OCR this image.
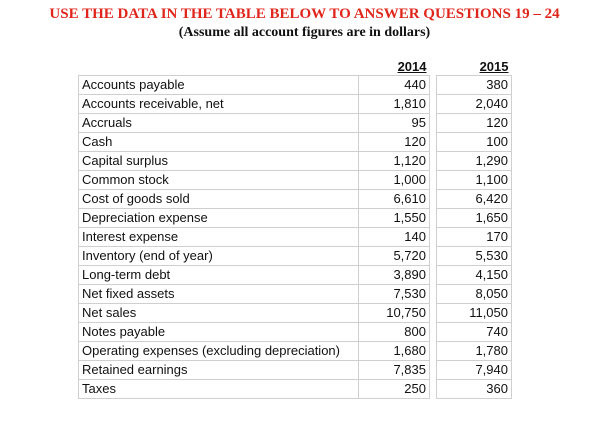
USE THE DATA IN THE TABLE BELOW TO ANSWER QUESTIONS 19 – 24
(Assume all account figures are in dollars)
	2014		2015
Accounts payable	440		380
Accounts receivable, net	1,810		2,040
Accruals	95		120
Cash	120		100
Capital surplus	1,120		1,290
Common stock	1,000		1,100
Cost of goods sold	6,610		6,420
Depreciation expense	1,550		1,650
Interest expense	140		170
Inventory (end of year)	5,720		5,530
Long-term debt	3,890		4,150
Net fixed assets	7,530		8,050
Net sales	10,750		11,050
Notes payable	800		740
Operating expenses (excluding depreciation)	1,680		1,780
Retained earnings	7,835		7,940
Taxes	250		360
